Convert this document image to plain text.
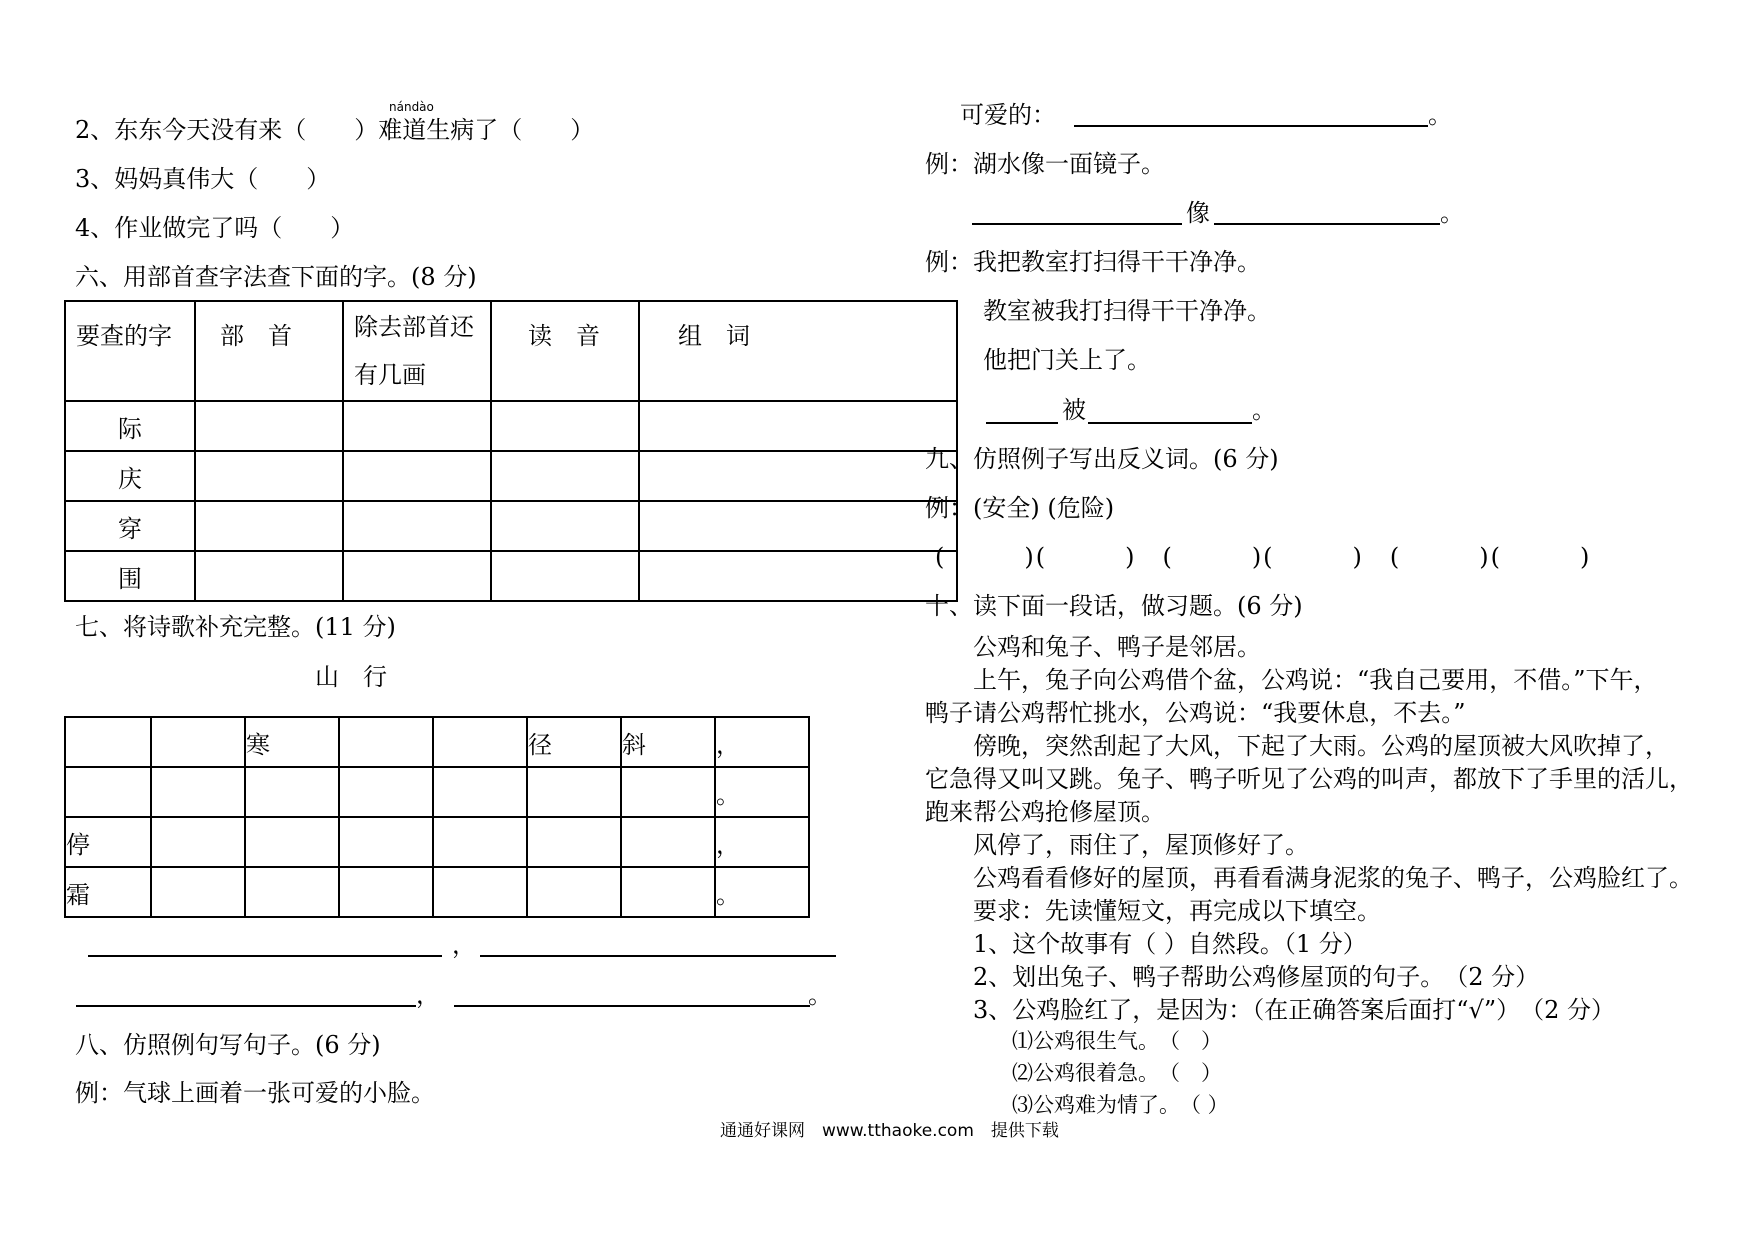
nándào
2、东东今天没有来（　　）难道生病了（　　）
3、妈妈真伟大（　　）
4、作业做完了吗（　　）
六、用部首查字法查下面的字。(8 分)
要查的字	部　首	除去部首还
有几画	读　音	组　词
际				
庆				
穿				
围				
七、将诗歌补充完整。(11 分)
山　行
		寒			径	斜	，
							。
停							，
霜							。
，
，	。
八、仿照例句写句子。(6 分)
例：气球上画着一张可爱的小脸。
可爱的：	。
例：湖水像一面镜子。
像	。
例：我把教室打扫得干干净净。
教室被我打扫得干干净净。
他把门关上了。
被	。
九、仿照例子写出反义词。(6 分)
例：(安全) (危险)
(　　　)(　　　)　(　　　)(　　　)　(　　　)(　　　)
十、读下面一段话，做习题。(6 分)
公鸡和兔子、鸭子是邻居。
上午，兔子向公鸡借个盆，公鸡说：“我自己要用，不借。”下午，
鸭子请公鸡帮忙挑水，公鸡说：“我要休息，不去。”
傍晚，突然刮起了大风，下起了大雨。公鸡的屋顶被大风吹掉了，
它急得又叫又跳。兔子、鸭子听见了公鸡的叫声，都放下了手里的活儿，
跑来帮公鸡抢修屋顶。
风停了，雨住了，屋顶修好了。
公鸡看看修好的屋顶，再看看满身泥浆的兔子、鸭子，公鸡脸红了。
要求：先读懂短文，再完成以下填空。
1、这个故事有（ ）自然段。（1 分）
2、划出兔子、鸭子帮助公鸡修屋顶的句子。　（2 分）
3、公鸡脸红了，是因为：（在正确答案后面打“√”）　（2 分）
⑴公鸡很生气。　（　）
⑵公鸡很着急。　（　）
⑶公鸡难为情了。　（ ）
通通好课网　www.tthaoke.com　提供下载
